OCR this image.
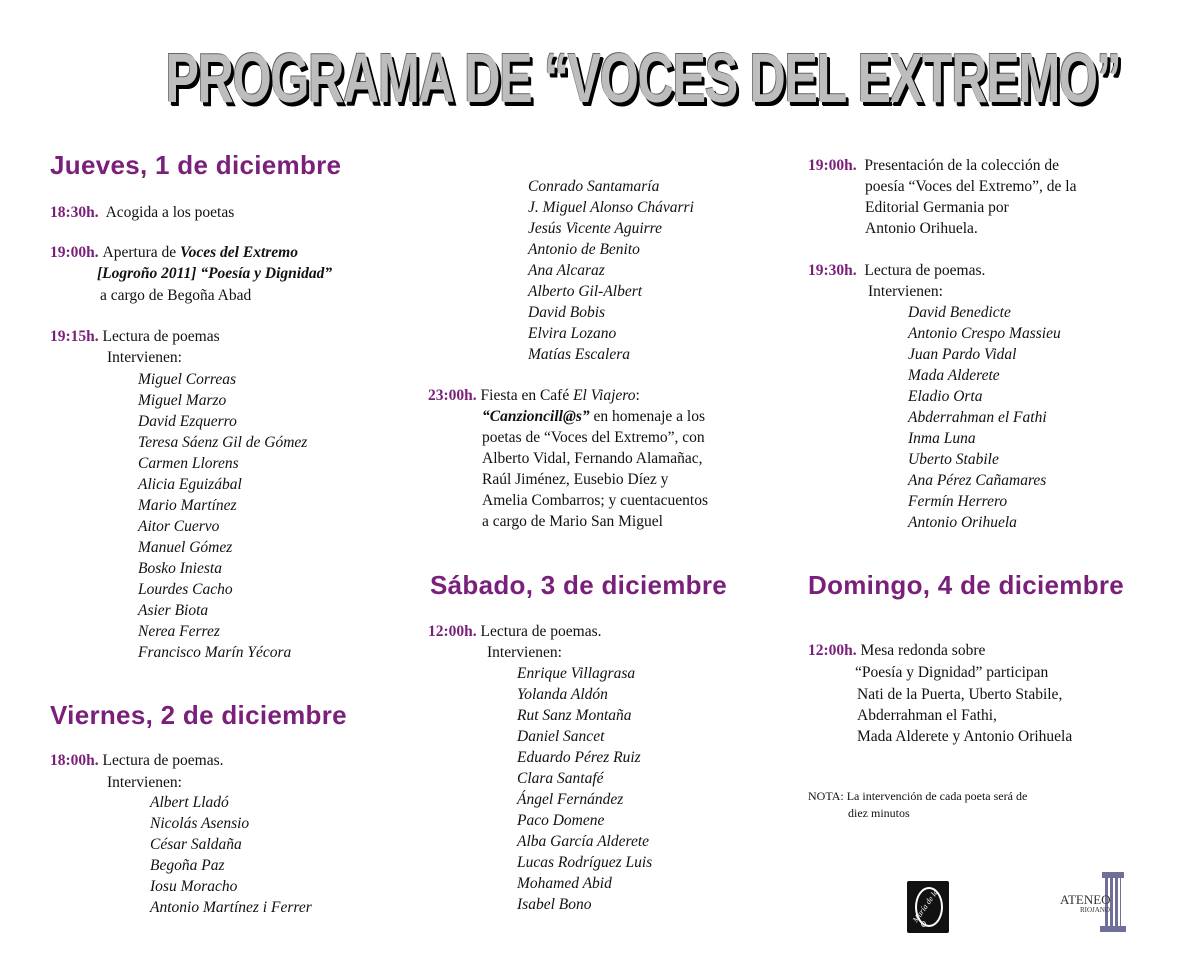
PROGRAMA DE “VOCES DEL EXTREMO”
Jueves, 1 de diciembre
18:30h. Acogida a los poetas
19:00h. Apertura de Voces del Extremo
[Logroño 2011] “Poesía y Dignidad”
a cargo de Begoña Abad
19:15h. Lectura de poemas
Intervienen:
Miguel Correas
Miguel Marzo
David Ezquerro
Teresa Sáenz Gil de Gómez
Carmen Llorens
Alicia Eguizábal
Mario Martínez
Aitor Cuervo
Manuel Gómez
Bosko Iniesta
Lourdes Cacho
Asier Biota
Nerea Ferrez
Francisco Marín Yécora
Viernes, 2 de diciembre
18:00h. Lectura de poemas.
Intervienen:
Albert Lladó
Nicolás Asensio
César Saldaña
Begoña Paz
Iosu Moracho
Antonio Martínez i Ferrer
Conrado Santamaría
J. Miguel Alonso Chávarri
Jesús Vicente Aguirre
Antonio de Benito
Ana Alcaraz
Alberto Gil-Albert
David Bobis
Elvira Lozano
Matías Escalera
23:00h. Fiesta en Café El Viajero:
“Canzioncill@s” en homenaje a los
poetas de “Voces del Extremo”, con
Alberto Vidal, Fernando Alamañac,
Raúl Jiménez, Eusebio Díez y
Amelia Combarros; y cuentacuentos
a cargo de Mario San Miguel
Sábado, 3 de diciembre
12:00h. Lectura de poemas.
Intervienen:
Enrique Villagrasa
Yolanda Aldón
Rut Sanz Montaña
Daniel Sancet
Eduardo Pérez Ruiz
Clara Santafé
Ángel Fernández
Paco Domene
Alba García Alderete
Lucas Rodríguez Luis
Mohamed Abid
Isabel Bono
19:00h. Presentación de la colección de
poesía “Voces del Extremo”, de la
Editorial Germania por
Antonio Orihuela.
19:30h. Lectura de poemas.
Intervienen:
David Benedicte
Antonio Crespo Massieu
Juan Pardo Vidal
Mada Alderete
Eladio Orta
Abderrahman el Fathi
Inma Luna
Uberto Stabile
Ana Pérez Cañamares
Fermín Herrero
Antonio Orihuela
Domingo, 4 de diciembre
12:00h. Mesa redonda sobre
“Poesía y Dignidad” participan
Nati de la Puerta, Uberto Stabile,
Abderrahman el Fathi,
Mada Alderete y Antonio Orihuela
NOTA: La intervención de cada poeta será de
diez minutos
María de la O
ATENEO
RIOJANO
